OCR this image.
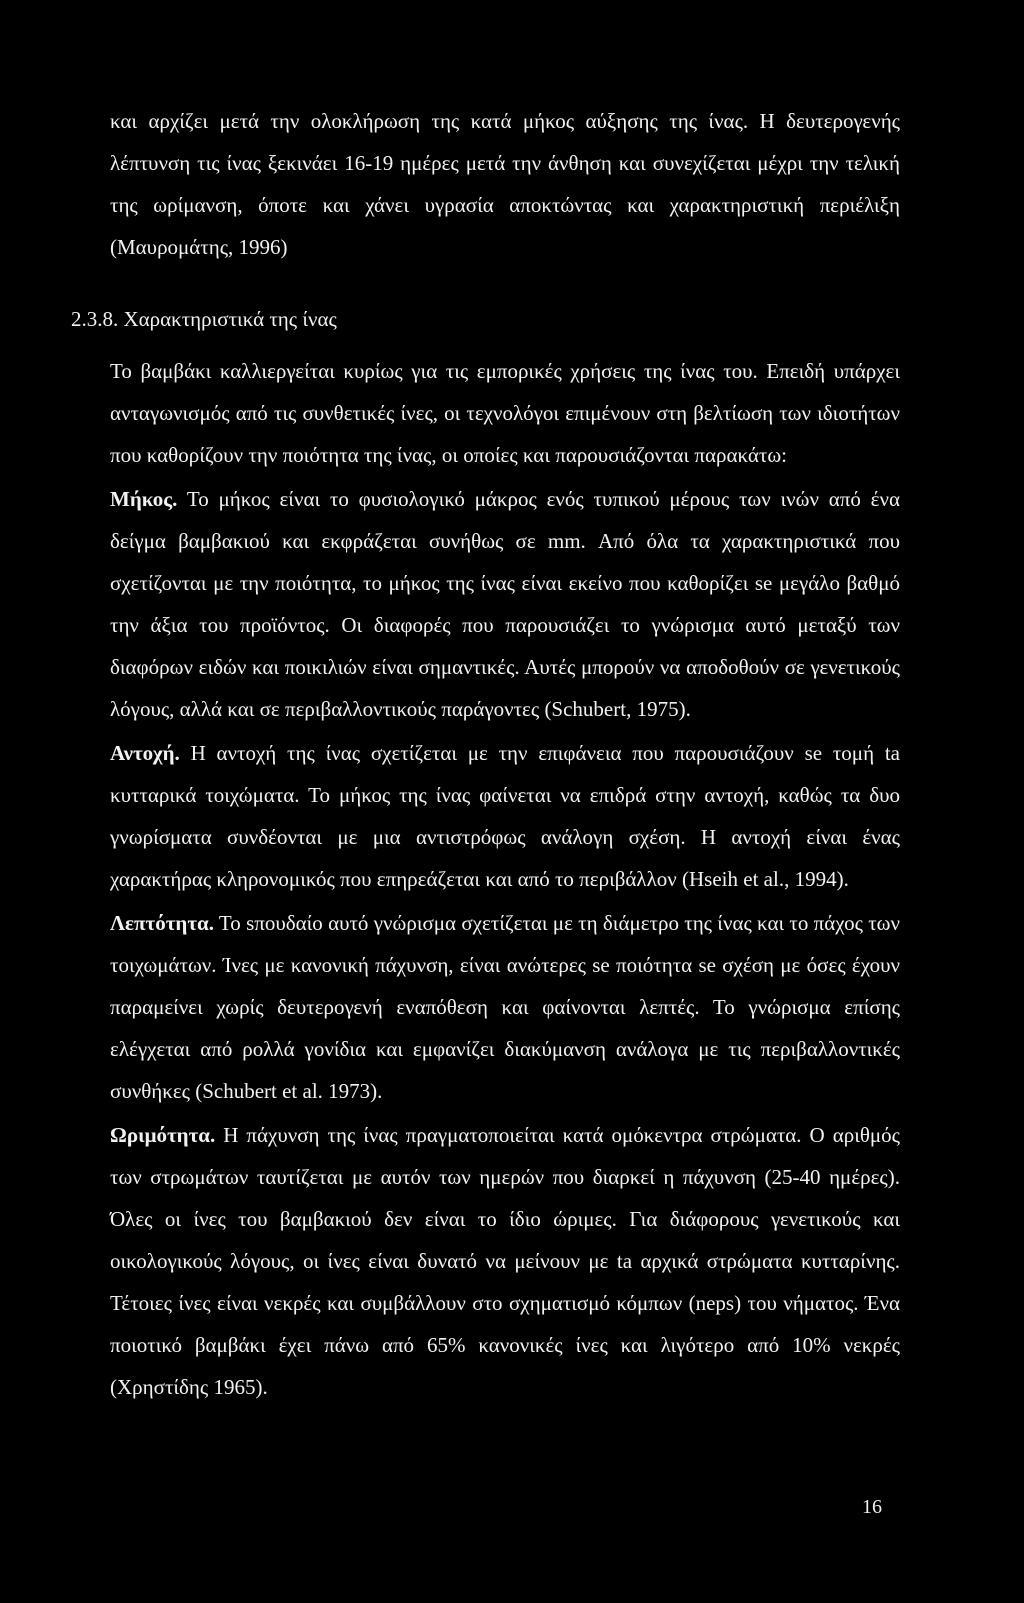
και αρχίζει μετά την ολοκλήρωση της κατά μήκος αύξησης της ίνας. Η δευτερογενής λέπτυνση τις ίνας ξεκινάει 16-19 ημέρες μετά την άνθηση και συνεχίζεται μέχρι την τελική της ωρίμανση, όποτε και χάνει υγρασία αποκτώντας και χαρακτηριστική περιέλιξη (Μαυρομάτης, 1996)

2.3.8. Χαρακτηριστικά της ίνας

Το βαμβάκι καλλιεργείται κυρίως για τις εμπορικές χρήσεις της ίνας του. Επειδή υπάρχει ανταγωνισμός από τις συνθετικές ίνες, οι τεχνολόγοι επιμένουν στη βελτίωση των ιδιοτήτων που καθορίζουν την ποιότητα της ίνας, οι οποίες και παρουσιάζονται παρακάτω:

Μήκος. Το μήκος είναι το φυσιολογικό μάκρος ενός τυπικού μέρους των ινών από ένα δείγμα βαμβακιού και εκφράζεται συνήθως σε mm. Από όλα τα χαρακτηριστικά που σχετίζονται με την ποιότητα, το μήκος της ίνας είναι εκείνο που καθορίζει se μεγάλο βαθμό την άξια του προϊόντος. Οι διαφορές που παρουσιάζει το γνώρισμα αυτό μεταξύ των διαφόρων ειδών και ποικιλιών είναι σημαντικές. Αυτές μπορούν να αποδοθούν σε γενετικούς λόγους, αλλά και σε περιβαλλοντικούς παράγοντες (Schubert, 1975).

Αντοχή. Η αντοχή της ίνας σχετίζεται με την επιφάνεια που παρουσιάζουν se τομή ta κυτταρικά τοιχώματα. Το μήκος της ίνας φαίνεται να επιδρά στην αντοχή, καθώς τα δυο γνωρίσματα συνδέονται με μια αντιστρόφως ανάλογη σχέση. Η αντοχή είναι ένας χαρακτήρας κληρονομικός που επηρεάζεται και από το περιβάλλον (Hseih et al., 1994).

Λεπτότητα. Το sπουδαίο αυτό γνώρισμα σχετίζεται με τη διάμετρο της ίνας και το πάχος των τοιχωμάτων. Ίνες με κανονική πάχυνση, είναι ανώτερες se ποιότητα se σχέση με όσες έχουν παραμείνει χωρίς δευτερογενή εναπόθεση και φαίνονται λεπτές. Το γνώρισμα επίσης ελέγχεται από ρολλά γονίδια και εμφανίζει διακύμανση ανάλογα με τις περιβαλλοντικές συνθήκες (Schubert et al. 1973).

Ωριμότητα. Η πάχυνση της ίνας πραγματοποιείται κατά ομόκεντρα στρώματα. Ο αριθμός των στρωμάτων ταυτίζεται με αυτόν των ημερών που διαρκεί η πάχυνση (25-40 ημέρες). Όλες οι ίνες του βαμβακιού δεν είναι το ίδιο ώριμες. Για διάφορους γενετικούς και οικολογικούς λόγους, οι ίνες είναι δυνατό να μείνουν με ta αρχικά στρώματα κυτταρίνης. Τέτοιες ίνες είναι νεκρές και συμβάλλουν στο σχηματισμό κόμπων (neps) του νήματος. Ένα ποιοτικό βαμβάκι έχει πάνω από 65% κανονικές ίνες και λιγότερο από 10% νεκρές (Χρηστίδης 1965).

16
